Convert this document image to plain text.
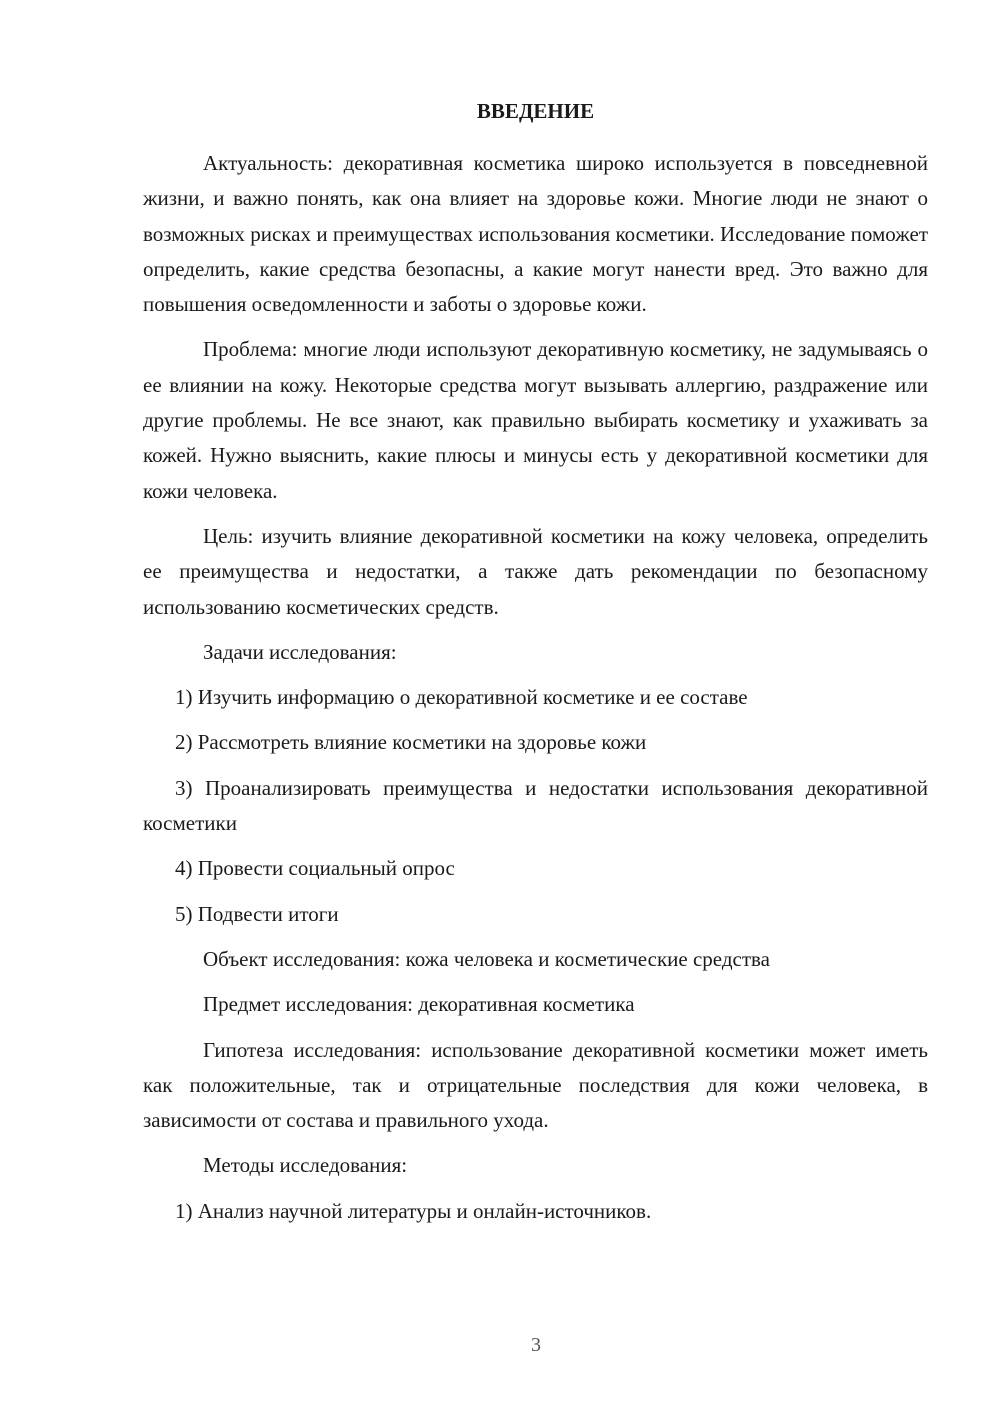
ВВЕДЕНИЕ

Актуальность: декоративная косметика широко используется в повседневной жизни, и важно понять, как она влияет на здоровье кожи. Многие люди не знают о возможных рисках и преимуществах использования косметики. Исследование поможет определить, какие средства безопасны, а какие могут нанести вред. Это важно для повышения осведомленности и заботы о здоровье кожи.

Проблема: многие люди используют декоративную косметику, не задумываясь о ее влиянии на кожу. Некоторые средства могут вызывать аллергию, раздражение или другие проблемы. Не все знают, как правильно выбирать косметику и ухаживать за кожей. Нужно выяснить, какие плюсы и минусы есть у декоративной косметики для кожи человека.

Цель: изучить влияние декоративной косметики на кожу человека, определить ее преимущества и недостатки, а также дать рекомендации по безопасному использованию косметических средств.

Задачи исследования:

1) Изучить информацию о декоративной косметике и ее составе

2) Рассмотреть влияние косметики на здоровье кожи

3) Проанализировать преимущества и недостатки использования декоративной косметики

4) Провести социальный опрос

5) Подвести итоги

Объект исследования: кожа человека и косметические средства

Предмет исследования: декоративная косметика

Гипотеза исследования: использование декоративной косметики может иметь как положительные, так и отрицательные последствия для кожи человека, в зависимости от состава и правильного ухода.

Методы исследования:

1) Анализ научной литературы и онлайн-источников.

3
